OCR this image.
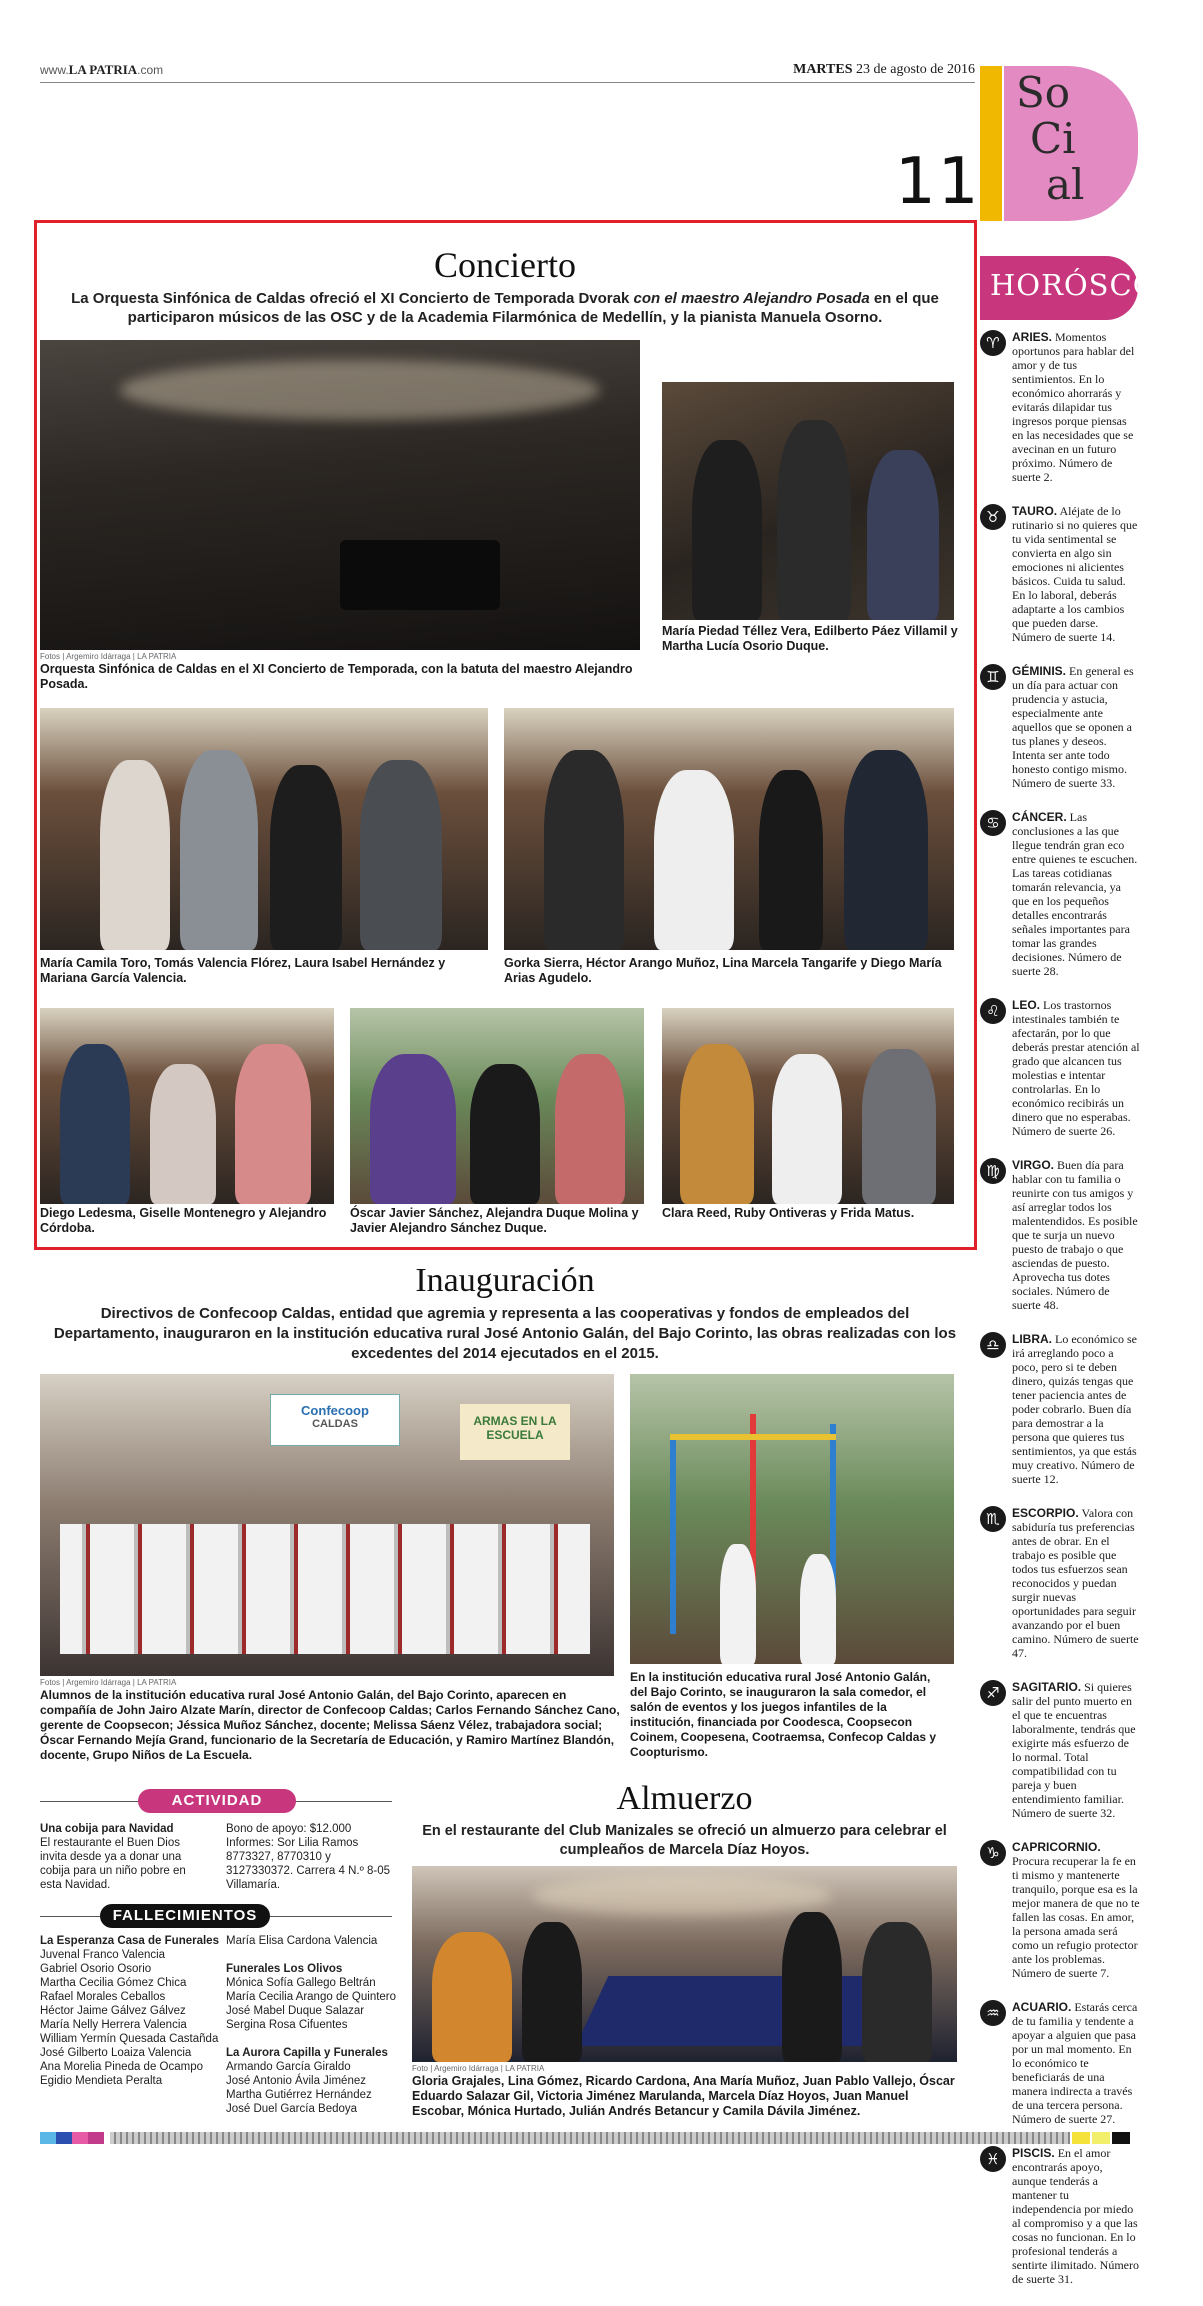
www.LA PATRIA.com	MARTES 23 de agosto de 2016
11
So
Ci
al
HORÓSCOPO
♈	ARIES. Momentos oportunos para hablar del amor y de tus sentimientos. En lo económico ahorrarás y evitarás dilapidar tus ingresos porque piensas en las necesidades que se avecinan en un futuro próximo. Número de suerte 2.
♉	TAURO. Aléjate de lo rutinario si no quieres que tu vida sentimental se convierta en algo sin emociones ni alicientes básicos. Cuida tu salud. En lo laboral, deberás adaptarte a los cambios que pueden darse. Número de suerte 14.
♊	GÉMINIS. En general es un día para actuar con prudencia y astucia, especialmente ante aquellos que se oponen a tus planes y deseos. Intenta ser ante todo honesto contigo mismo. Número de suerte 33.
♋	CÁNCER. Las conclusiones a las que llegue tendrán gran eco entre quienes te escuchen. Las tareas cotidianas tomarán relevancia, ya que en los pequeños detalles encontrarás señales importantes para tomar las grandes decisiones. Número de suerte 28.
♌	LEO. Los trastornos intestinales también te afectarán, por lo que deberás prestar atención al grado que alcancen tus molestias e intentar controlarlas. En lo económico recibirás un dinero que no esperabas. Número de suerte 26.
♍	VIRGO. Buen día para hablar con tu familia o reunirte con tus amigos y así arreglar todos los malentendidos. Es posible que te surja un nuevo puesto de trabajo o que asciendas de puesto. Aprovecha tus dotes sociales. Número de suerte 48.
♎	LIBRA. Lo económico se irá arreglando poco a poco, pero si te deben dinero, quizás tengas que tener paciencia antes de poder cobrarlo. Buen día para demostrar a la persona que quieres tus sentimientos, ya que estás muy creativo. Número de suerte 12.
♏	ESCORPIO. Valora con sabiduría tus preferencias antes de obrar. En el trabajo es posible que todos tus esfuerzos sean reconocidos y puedan surgir nuevas oportunidades para seguir avanzando por el buen camino. Número de suerte 47.
♐	SAGITARIO. Si quieres salir del punto muerto en el que te encuentras laboralmente, tendrás que exigirte más esfuerzo de lo normal. Total compatibilidad con tu pareja y buen entendimiento familiar. Número de suerte 32.
♑	CAPRICORNIO. Procura recuperar la fe en ti mismo y mantenerte tranquilo, porque esa es la mejor manera de que no te fallen las cosas. En amor, la persona amada será como un refugio protector ante los problemas. Número de suerte 7.
♒	ACUARIO. Estarás cerca de tu familia y tendente a apoyar a alguien que pasa por un mal momento. En lo económico te beneficiarás de una manera indirecta a través de una tercera persona. Número de suerte 27.
♓	PISCIS. En el amor encontrarás apoyo, aunque tenderás a mantener tu independencia por miedo al compromiso y a que las cosas no funcionan. En lo profesional tenderás a sentirte ilimitado. Número de suerte 31.
Concierto
La Orquesta Sinfónica de Caldas ofreció el XI Concierto de Temporada Dvorak con el maestro Alejandro Posada en el que participaron músicos de las OSC y de la Academia Filarmónica de Medellín, y la pianista Manuela Osorno.
Fotos | Argemiro Idárraga | LA PATRIA
Orquesta Sinfónica de Caldas en el XI Concierto de Temporada, con la batuta del maestro Alejandro Posada.
María Piedad Téllez Vera, Edilberto Páez Villamil y Martha Lucía Osorio Duque.
María Camila Toro, Tomás Valencia Flórez, Laura Isabel Hernández y Mariana García Valencia.
Gorka Sierra, Héctor Arango Muñoz, Lina Marcela Tangarife y Diego María Arias Agudelo.
Diego Ledesma, Giselle Montenegro y Alejandro Córdoba.
Óscar Javier Sánchez, Alejandra Duque Molina y Javier Alejandro Sánchez Duque.
Clara Reed, Ruby Ontiveras y Frida Matus.
Inauguración
Directivos de Confecoop Caldas, entidad que agremia y representa a las cooperativas y fondos de empleados del Departamento, inauguraron en la institución educativa rural José Antonio Galán, del Bajo Corinto, las obras realizadas con los excedentes del 2014 ejecutados en el 2015.
Confecoop
CALDAS	ARMAS EN LA
ESCUELA
Fotos | Argemiro Idárraga | LA PATRIA
Alumnos de la institución educativa rural José Antonio Galán, del Bajo Corinto, aparecen en compañía de John Jairo Alzate Marín, director de Confecoop Caldas; Carlos Fernando Sánchez Cano, gerente de Coopsecon; Jéssica Muñoz Sánchez, docente; Melissa Sáenz Vélez, trabajadora social; Óscar Fernando Mejía Grand, funcionario de la Secretaría de Educación, y Ramiro Martínez Blandón, docente, Grupo Niños de La Escuela.
En la institución educativa rural José Antonio Galán, del Bajo Corinto, se inauguraron la sala comedor, el salón de eventos y los juegos infantiles de la institución, financiada por Coodesca, Coopsecon Coinem, Coopesena, Cootraemsa, Confecop Caldas y Coopturismo.
ACTIVIDAD
Una cobija para Navidad
El restaurante el Buen Dios invita desde ya a donar una cobija para un niño pobre en esta Navidad.
Bono de apoyo: $12.000 Informes: Sor Lilia Ramos 8773327, 8770310 y 3127330372. Carrera 4 N.º 8-05 Villamaría.
FALLECIMIENTOS
La Esperanza Casa de Funerales
Juvenal Franco Valencia
Gabriel Osorio Osorio
Martha Cecilia Gómez Chica
Rafael Morales Ceballos
Héctor Jaime Gálvez Gálvez
María Nelly Herrera Valencia
William Yermín Quesada Castañda
José Gilberto Loaiza Valencia
Ana Morelia Pineda de Ocampo
Egidio Mendieta Peralta
María Elisa Cardona Valencia
Funerales Los Olivos
Mónica Sofía Gallego Beltrán
María Cecilia Arango de Quintero
José Mabel Duque Salazar
Sergina Rosa Cifuentes
La Aurora Capilla y Funerales
Armando García Giraldo
José Antonio Ávila Jiménez
Martha Gutiérrez Hernández
José Duel García Bedoya
Almuerzo
En el restaurante del Club Manizales se ofreció un almuerzo para celebrar el cumpleaños de Marcela Díaz Hoyos.
Foto | Argemiro Idárraga | LA PATRIA
Gloria Grajales, Lina Gómez, Ricardo Cardona, Ana María Muñoz, Juan Pablo Vallejo, Óscar Eduardo Salazar Gil, Victoria Jiménez Marulanda, Marcela Díaz Hoyos, Juan Manuel Escobar, Mónica Hurtado, Julián Andrés Betancur y Camila Dávila Jiménez.
